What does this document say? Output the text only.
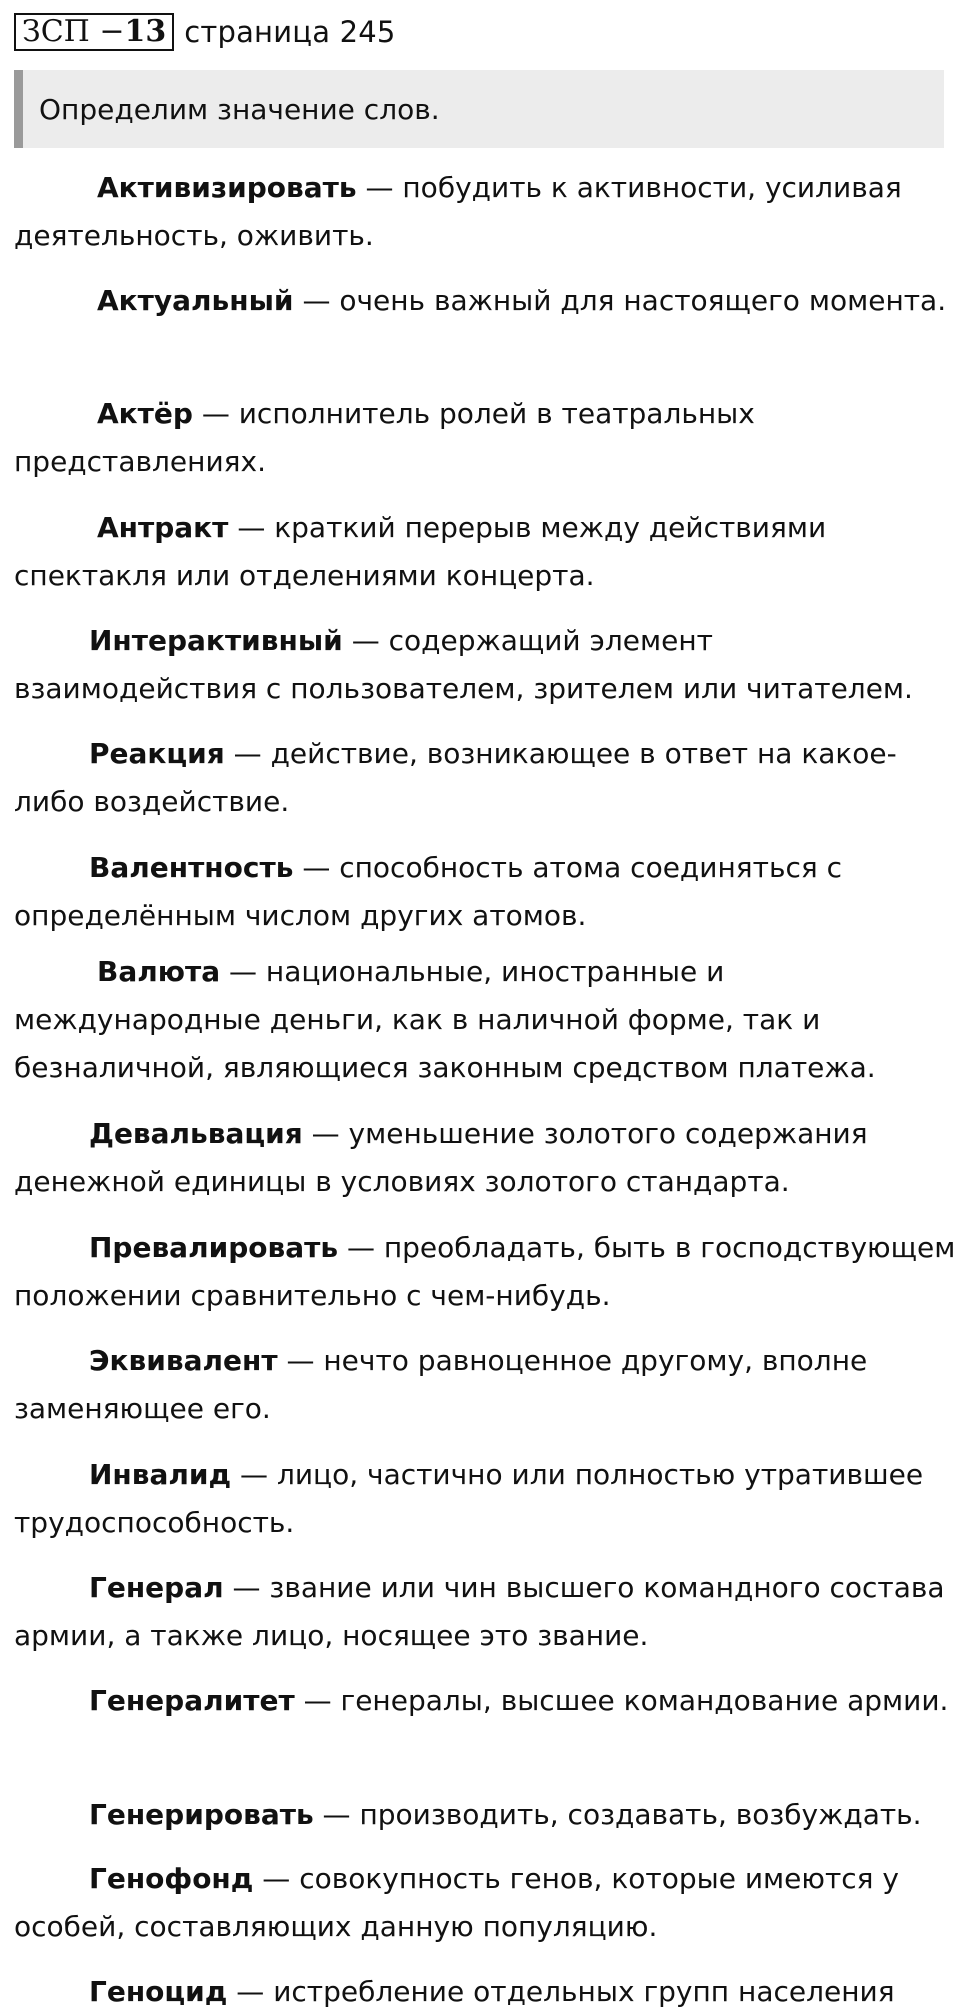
ЗСП − 13 страница 245
Определим значение слов.

Активизировать — побудить к активности, усиливая деятельность, оживить.

Актуальный — очень важный для настоящего момента.

Актёр — исполнитель ролей в театральных представлениях.

Антракт — краткий перерыв между действиями спектакля или отделениями концерта.

Интерактивный — содержащий элемент взаимодействия с пользователем, зрителем или читателем.

Реакция — действие, возникающее в ответ на какое-либо воздействие.

Валентность — способность атома соединяться с определённым числом других атомов.

Валюта — национальные, иностранные и международные деньги, как в наличной форме, так и безналичной, являющиеся законным средством платежа.

Девальвация — уменьшение золотого содержания денежной единицы в условиях золотого стандарта.

Превалировать — преобладать, быть в господствующем положении сравнительно с чем-нибудь.

Эквивалент — нечто равноценное другому, вполне заменяющее его.

Инвалид — лицо, частично или полностью утратившее трудоспособность.

Генерал — звание или чин высшего командного состава армии, а также лицо, носящее это звание.

Генералитет — генералы, высшее командование армии.

Генерировать — производить, создавать, возбуждать.

Генофонд — совокупность генов, которые имеются у особей, составляющих данную популяцию.

Геноцид — истребление отдельных групп населения
